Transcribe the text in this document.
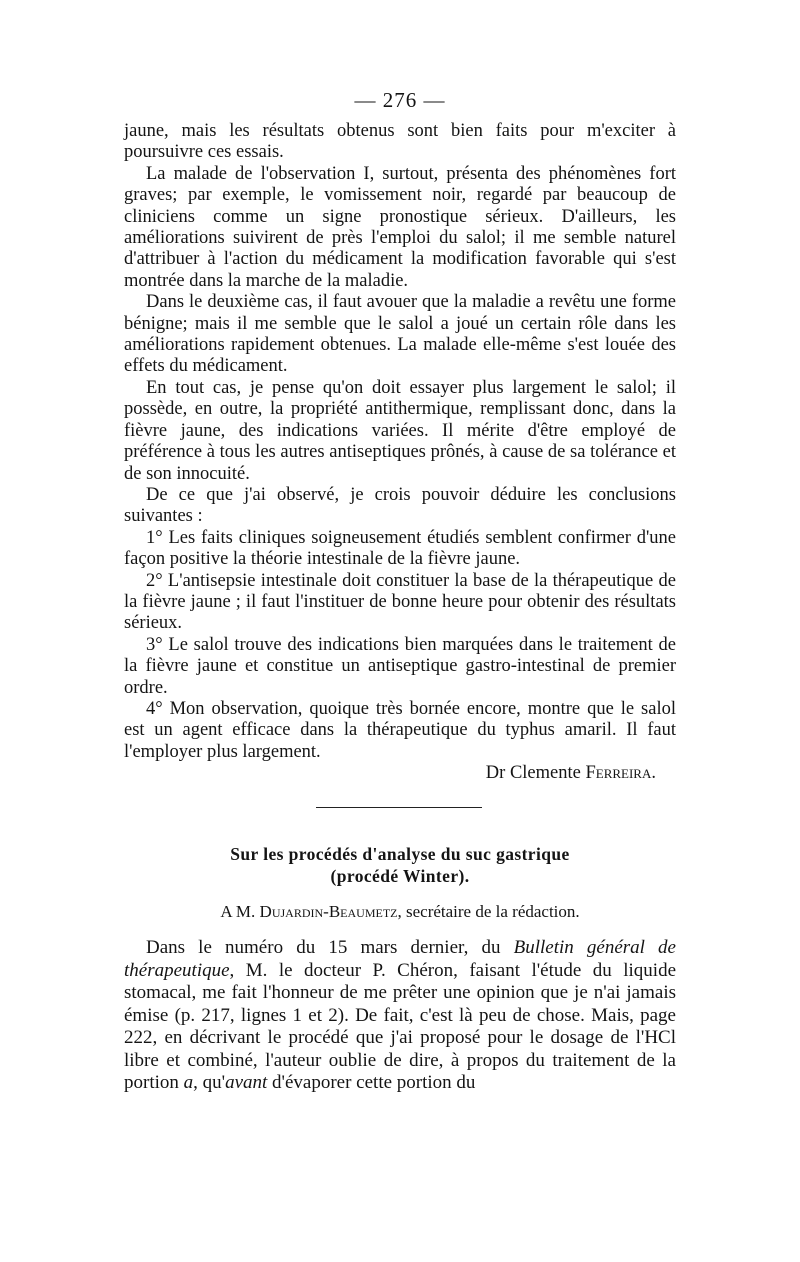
— 276 —

jaune, mais les résultats obtenus sont bien faits pour m'exciter à poursuivre ces essais.

La malade de l'observation I, surtout, présenta des phénomènes fort graves; par exemple, le vomissement noir, regardé par beaucoup de cliniciens comme un signe pronostique sérieux. D'ailleurs, les améliorations suivirent de près l'emploi du salol; il me semble naturel d'attribuer à l'action du médicament la modification favorable qui s'est montrée dans la marche de la maladie.

Dans le deuxième cas, il faut avouer que la maladie a revêtu une forme bénigne; mais il me semble que le salol a joué un certain rôle dans les améliorations rapidement obtenues. La malade elle-même s'est louée des effets du médicament.

En tout cas, je pense qu'on doit essayer plus largement le salol; il possède, en outre, la propriété antithermique, remplissant donc, dans la fièvre jaune, des indications variées. Il mérite d'être employé de préférence à tous les autres antiseptiques prônés, à cause de sa tolérance et de son innocuité.

De ce que j'ai observé, je crois pouvoir déduire les conclusions suivantes :

1° Les faits cliniques soigneusement étudiés semblent confirmer d'une façon positive la théorie intestinale de la fièvre jaune.

2° L'antisepsie intestinale doit constituer la base de la thérapeutique de la fièvre jaune ; il faut l'instituer de bonne heure pour obtenir des résultats sérieux.

3° Le salol trouve des indications bien marquées dans le traitement de la fièvre jaune et constitue un antiseptique gastro-intestinal de premier ordre.

4° Mon observation, quoique très bornée encore, montre que le salol est un agent efficace dans la thérapeutique du typhus amaril. Il faut l'employer plus largement.

Dr Clemente Ferreira.
Sur les procédés d'analyse du suc gastrique
(procédé Winter).
A M. Dujardin-Beaumetz, secrétaire de la rédaction.

Dans le numéro du 15 mars dernier, du Bulletin général de thérapeutique, M. le docteur P. Chéron, faisant l'étude du liquide stomacal, me fait l'honneur de me prêter une opinion que je n'ai jamais émise (p. 217, lignes 1 et 2). De fait, c'est là peu de chose. Mais, page 222, en décrivant le procédé que j'ai proposé pour le dosage de l'HCl libre et combiné, l'auteur oublie de dire, à propos du traitement de la portion a, qu'avant d'évaporer cette portion du
